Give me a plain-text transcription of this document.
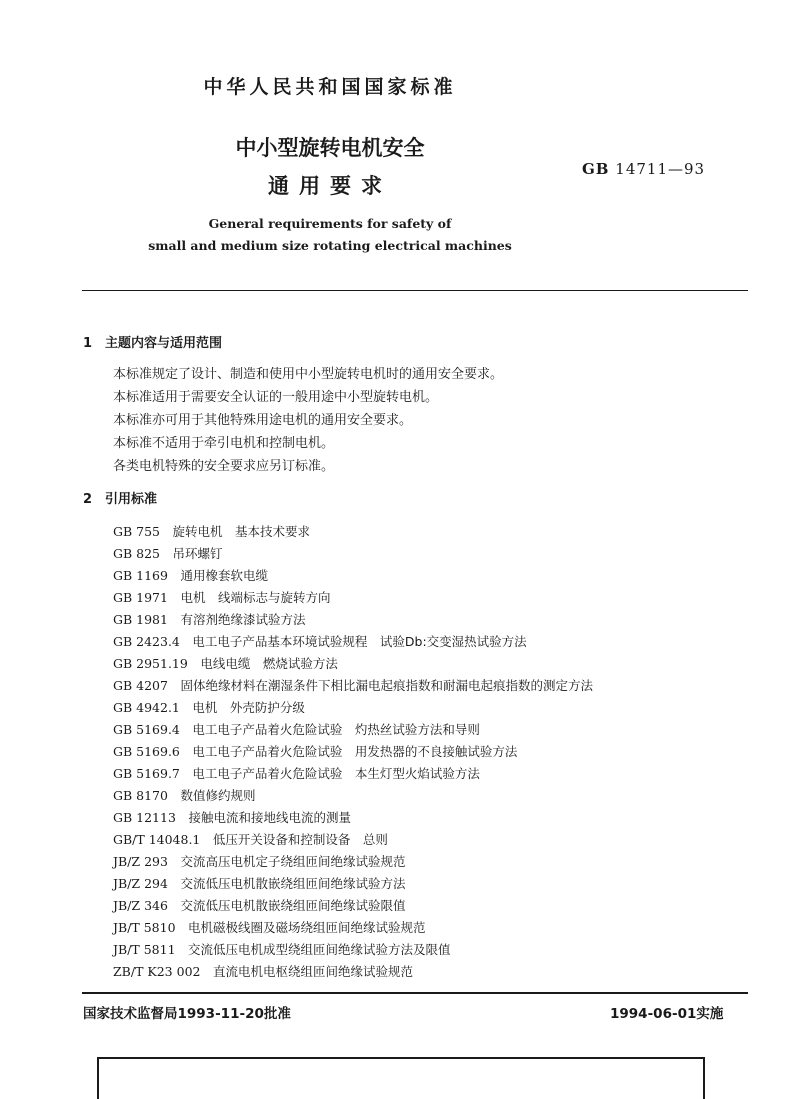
中华人民共和国国家标准
中小型旋转电机安全
通用要求
GB 14711—93
General requirements for safety of
small and medium size rotating electrical machines
1 主题内容与适用范围
本标准规定了设计、制造和使用中小型旋转电机时的通用安全要求。
本标准适用于需要安全认证的一般用途中小型旋转电机。
本标准亦可用于其他特殊用途电机的通用安全要求。
本标准不适用于牵引电机和控制电机。
各类电机特殊的安全要求应另订标准。
2 引用标准
GB 755　 旋转电机　基本技术要求
GB 825　 吊环螺钉
GB 1169　 通用橡套软电缆
GB 1971　 电机　线端标志与旋转方向
GB 1981　 有溶剂绝缘漆试验方法
GB 2423.4　 电工电子产品基本环境试验规程　试验Db:交变湿热试验方法
GB 2951.19　 电线电缆　燃烧试验方法
GB 4207　 固体绝缘材料在潮湿条件下相比漏电起痕指数和耐漏电起痕指数的测定方法
GB 4942.1　 电机　外壳防护分级
GB 5169.4　 电工电子产品着火危险试验　灼热丝试验方法和导则
GB 5169.6　 电工电子产品着火危险试验　用发热器的不良接触试验方法
GB 5169.7　 电工电子产品着火危险试验　本生灯型火焰试验方法
GB 8170　 数值修约规则
GB 12113　 接触电流和接地线电流的测量
GB/T 14048.1　 低压开关设备和控制设备　总则
JB/Z 293　 交流高压电机定子绕组匝间绝缘试验规范
JB/Z 294　 交流低压电机散嵌绕组匝间绝缘试验方法
JB/Z 346　 交流低压电机散嵌绕组匝间绝缘试验限值
JB/T 5810　 电机磁极线圈及磁场绕组匝间绝缘试验规范
JB/T 5811　 交流低压电机成型绕组匝间绝缘试验方法及限值
ZB/T K23 002　 直流电机电枢绕组匝间绝缘试验规范
国家技术监督局1993-11-20批准	1994-06-01实施
